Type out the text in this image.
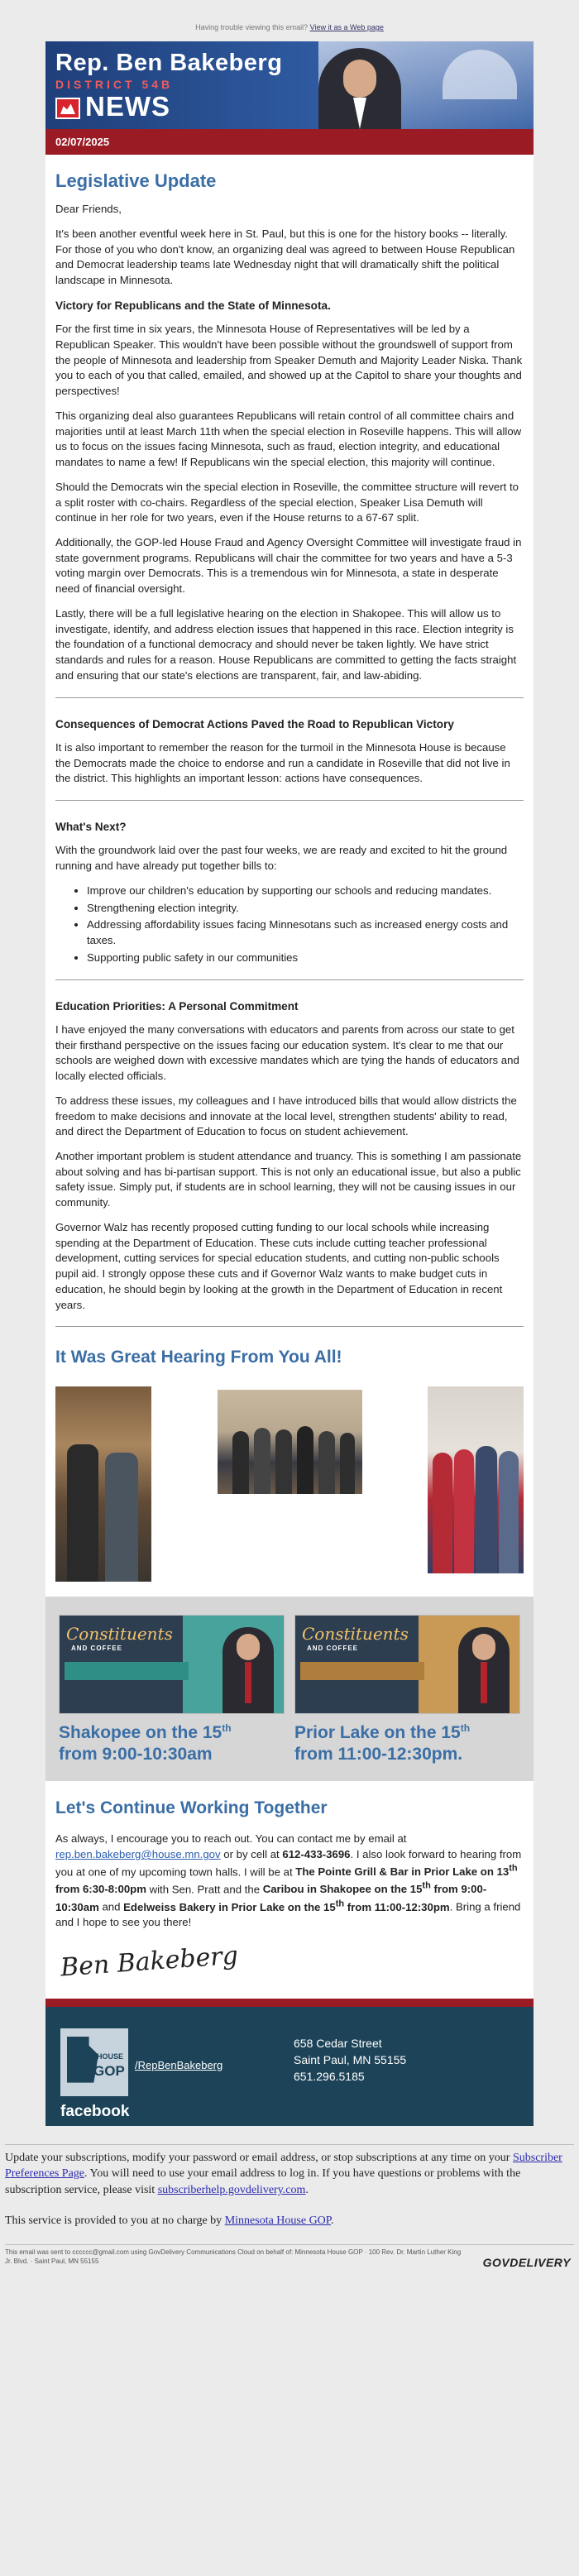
Having trouble viewing this email? View it as a Web page
Rep. Ben Bakeberg
DISTRICT 54B
NEWS
02/07/2025
Legislative Update

Dear Friends,

It's been another eventful week here in St. Paul, but this is one for the history books -- literally. For those of you who don't know, an organizing deal was agreed to between House Republican and Democrat leadership teams late Wednesday night that will dramatically shift the political landscape in Minnesota.

Victory for Republicans and the State of Minnesota.

For the first time in six years, the Minnesota House of Representatives will be led by a Republican Speaker. This wouldn't have been possible without the groundswell of support from the people of Minnesota and leadership from Speaker Demuth and Majority Leader Niska. Thank you to each of you that called, emailed, and showed up at the Capitol to share your thoughts and perspectives!

This organizing deal also guarantees Republicans will retain control of all committee chairs and majorities until at least March 11th when the special election in Roseville happens. This will allow us to focus on the issues facing Minnesota, such as fraud, election integrity, and educational mandates to name a few! If Republicans win the special election, this majority will continue.

Should the Democrats win the special election in Roseville, the committee structure will revert to a split roster with co-chairs. Regardless of the special election, Speaker Lisa Demuth will continue in her role for two years, even if the House returns to a 67-67 split.

Additionally, the GOP-led House Fraud and Agency Oversight Committee will investigate fraud in state government programs. Republicans will chair the committee for two years and have a 5-3 voting margin over Democrats. This is a tremendous win for Minnesota, a state in desperate need of financial oversight.

Lastly, there will be a full legislative hearing on the election in Shakopee. This will allow us to investigate, identify, and address election issues that happened in this race. Election integrity is the foundation of a functional democracy and should never be taken lightly. We have strict standards and rules for a reason. House Republicans are committed to getting the facts straight and ensuring that our state's elections are transparent, fair, and law-abiding.

Consequences of Democrat Actions Paved the Road to Republican Victory

It is also important to remember the reason for the turmoil in the Minnesota House is because the Democrats made the choice to endorse and run a candidate in Roseville that did not live in the district. This highlights an important lesson: actions have consequences.

What's Next?

With the groundwork laid over the past four weeks, we are ready and excited to hit the ground running and have already put together bills to:

• Improve our children's education by supporting our schools and reducing mandates.
• Strengthening election integrity.
• Addressing affordability issues facing Minnesotans such as increased energy costs and taxes.
• Supporting public safety in our communities
Education Priorities: A Personal Commitment

I have enjoyed the many conversations with educators and parents from across our state to get their firsthand perspective on the issues facing our education system. It's clear to me that our schools are weighed down with excessive mandates which are tying the hands of educators and locally elected officials.

To address these issues, my colleagues and I have introduced bills that would allow districts the freedom to make decisions and innovate at the local level, strengthen students' ability to read, and direct the Department of Education to focus on student achievement.

Another important problem is student attendance and truancy. This is something I am passionate about solving and has bi-partisan support. This is not only an educational issue, but also a public safety issue. Simply put, if students are in school learning, they will not be causing issues in our community.

Governor Walz has recently proposed cutting funding to our local schools while increasing spending at the Department of Education. These cuts include cutting teacher professional development, cutting services for special education students, and cutting non-public schools pupil aid. I strongly oppose these cuts and if Governor Walz wants to make budget cuts in education, he should begin by looking at the growth in the Department of Education in recent years.

It Was Great Hearing From You All!
Constituents
AND COFFEE
Shakopee on the 15th
from 9:00-10:30am
Constituents
AND COFFEE
Prior Lake on the 15th
from 11:00-12:30pm.
Let's Continue Working Together

As always, I encourage you to reach out. You can contact me by email at rep.ben.bakeberg@house.mn.gov or by cell at 612-433-3696. I also look forward to hearing from you at one of my upcoming town halls. I will be at The Pointe Grill & Bar in Prior Lake on 13th from 6:30-8:00pm with Sen. Pratt and the Caribou in Shakopee on the 15th from 9:00-10:30am and Edelweiss Bakery in Prior Lake on the 15th from 11:00-12:30pm. Bring a friend and I hope to see you there!

Ben Bakeberg
HOUSE
GOP /RepBenBakeberg
facebook
658 Cedar Street
Saint Paul, MN 55155
651.296.5185

Update your subscriptions, modify your password or email address, or stop subscriptions at any time on your Subscriber Preferences Page. You will need to use your email address to log in. If you have questions or problems with the subscription service, please visit subscriberhelp.govdelivery.com.

This service is provided to you at no charge by Minnesota House GOP.

This email was sent to cccccc@gmail.com using GovDelivery Communications Cloud on behalf of: Minnesota House GOP · 100 Rev. Dr. Martin Luther King Jr. Blvd. · Saint Paul, MN 55155	GOVDELIVERY
